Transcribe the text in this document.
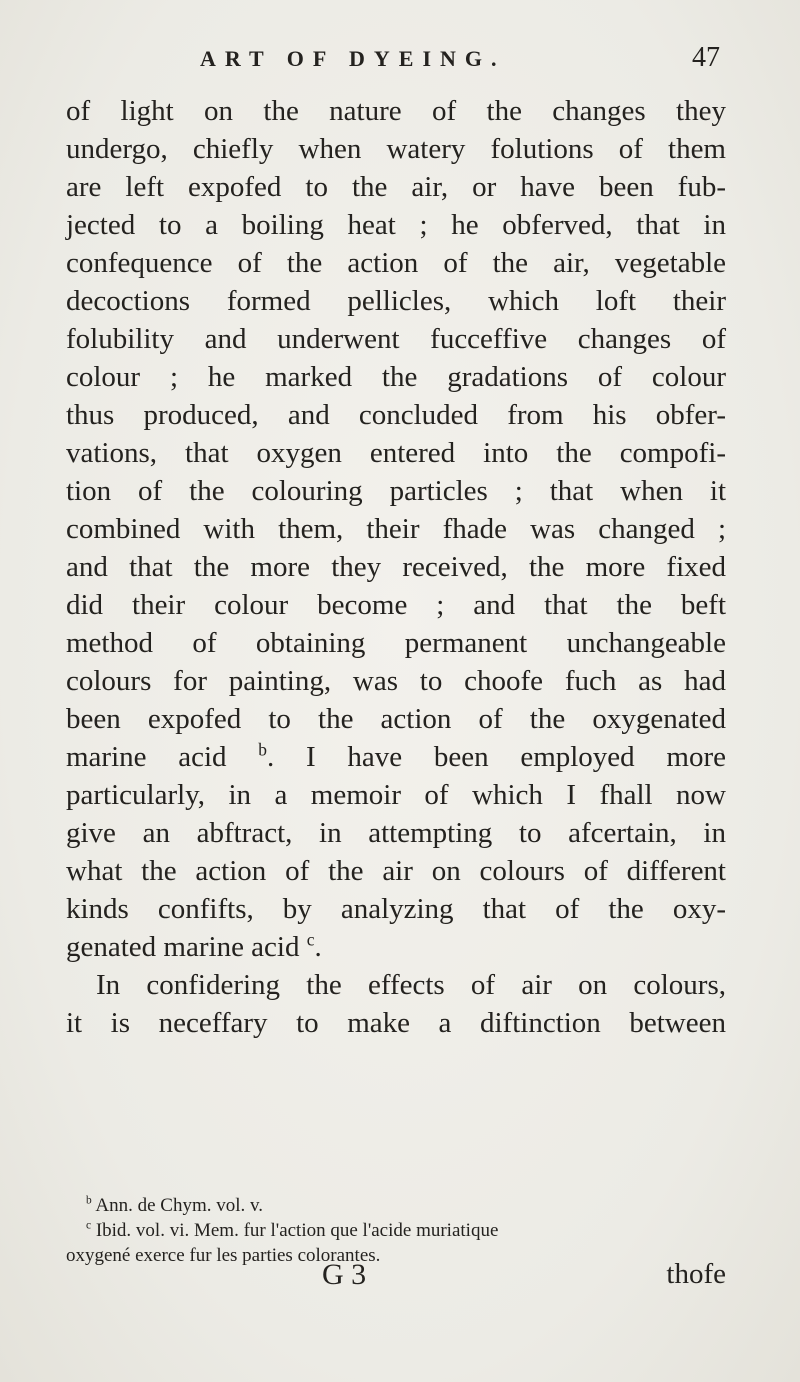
ART OF DYEING.	47
of light on the nature of the changes they
undergo, chiefly when watery folutions of them
are left expofed to the air, or have been fub-
jected to a boiling heat ; he obferved, that in
confequence of the action of the air, vegetable
decoctions formed pellicles, which loft their
folubility and underwent fucceffive changes of
colour ; he marked the gradations of colour
thus produced, and concluded from his obfer-
vations, that oxygen entered into the compofi-
tion of the colouring particles ; that when it
combined with them, their fhade was changed ;
and that the more they received, the more fixed
did their colour become ; and that the beft
method of obtaining permanent unchangeable
colours for painting, was to choofe fuch as had
been expofed to the action of the oxygenated
marine acid $^b$. I have been employed more
particularly, in a memoir of which I fhall now
give an abftract, in attempting to afcertain, in
what the action of the air on colours of different
kinds confifts, by analyzing that of the oxy-
genated marine acid $^c$.
In confidering the effects of air on colours,
it is neceffary to make a diftinction between
$^b$ Ann. de Chym. vol. v.
$^c$ Ibid. vol. vi. Mem. fur l'action que l'acide muriatique
oxygené exerce fur les parties colorantes.
G 3	thofe
